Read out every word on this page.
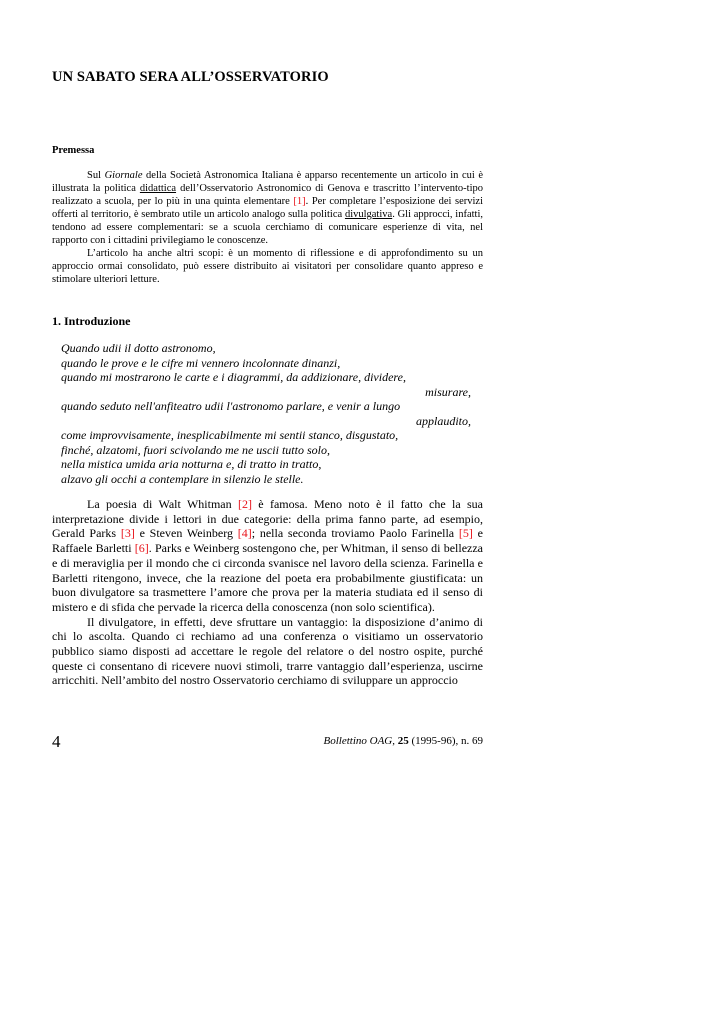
UN SABATO SERA ALL’OSSERVATORIO
Premessa

Sul Giornale della Società Astronomica Italiana è apparso recentemente un articolo in cui è illustrata la politica didattica dell’Osservatorio Astronomico di Genova e trascritto l’intervento-tipo realizzato a scuola, per lo più in una quinta elementare [1]. Per completare l’esposizione dei servizi offerti al territorio, è sembrato utile un articolo analogo sulla politica divulgativa. Gli approcci, infatti, tendono ad essere complementari: se a scuola cerchiamo di comunicare esperienze di vita, nel rapporto con i cittadini privilegiamo le conoscenze.

L’articolo ha anche altri scopi: è un momento di riflessione e di approfondimento su un approccio ormai consolidato, può essere distribuito ai visitatori per consolidare quanto appreso e stimolare ulteriori letture.

1. Introduzione
Quando udii il dotto astronomo,
quando le prove e le cifre mi vennero incolonnate dinanzi,
quando mi mostrarono le carte e i diagrammi, da addizionare, dividere,
misurare,
quando seduto nell'anfiteatro udii l'astronomo parlare, e venir a lungo
applaudito,
come improvvisamente, inesplicabilmente mi sentii stanco, disgustato,
finché, alzatomi, fuori scivolando me ne uscii tutto solo,
nella mistica umida aria notturna e, di tratto in tratto,
alzavo gli occhi a contemplare in silenzio le stelle.

La poesia di Walt Whitman [2] è famosa. Meno noto è il fatto che la sua interpretazione divide i lettori in due categorie: della prima fanno parte, ad esempio, Gerald Parks [3] e Steven Weinberg [4]; nella seconda troviamo Paolo Farinella [5] e Raffaele Barletti [6]. Parks e Weinberg sostengono che, per Whitman, il senso di bellezza e di meraviglia per il mondo che ci circonda svanisce nel lavoro della scienza. Farinella e Barletti ritengono, invece, che la reazione del poeta era probabilmente giustificata: un buon divulgatore sa trasmettere l’amore che prova per la materia studiata ed il senso di mistero e di sfida che pervade la ricerca della conoscenza (non solo scientifica).

Il divulgatore, in effetti, deve sfruttare un vantaggio: la disposizione d’animo di chi lo ascolta. Quando ci rechiamo ad una conferenza o visitiamo un osservatorio pubblico siamo disposti ad accettare le regole del relatore o del nostro ospite, purché queste ci consentano di ricevere nuovi stimoli, trarre vantaggio dall’esperienza, uscirne arricchiti. Nell’ambito del nostro Osservatorio cerchiamo di sviluppare un approccio

4	Bollettino OAG, 25 (1995-96), n. 69
